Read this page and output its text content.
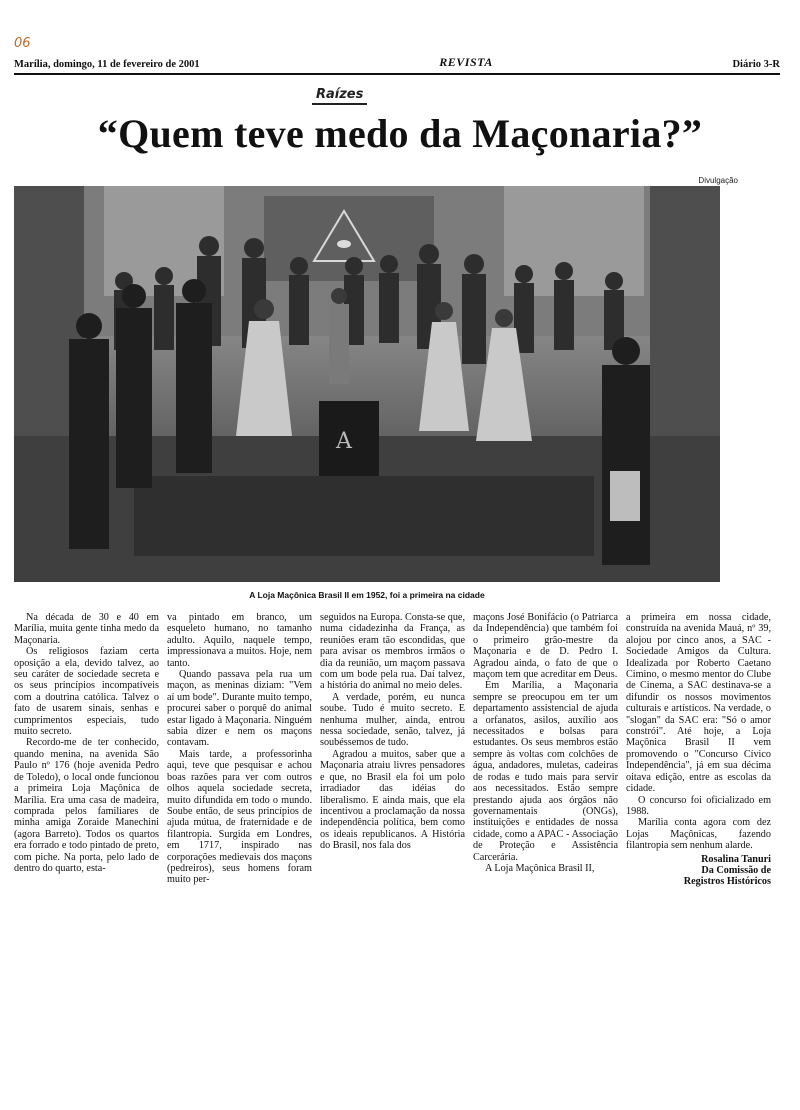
06
Marília, domingo, 11 de fevereiro de 2001	REVISTA	Diário 3-R
Raízes
“Quem teve medo da Maçonaria?”
Divulgação
A
A Loja Maçônica Brasil II em 1952, foi a primeira na cidade

Na década de 30 e 40 em Marília, muita gente tinha medo da Maçonaria.

Os religiosos faziam certa oposição a ela, devido talvez, ao seu caráter de sociedade secreta e os seus princípios incompatíveis com a doutrina católica. Talvez o fato de usarem sinais, senhas e cumprimentos especiais, tudo muito secreto.

Recordo-me de ter conhecido, quando menina, na avenida São Paulo nº 176 (hoje avenida Pedro de Toledo), o local onde funcionou a primeira Loja Maçônica de Marília. Era uma casa de madeira, comprada pelos familiares de minha amiga Zoraide Manechini (agora Barreto). Todos os quartos era forrado e todo pintado de preto, com piche. Na porta, pelo lado de dentro do quarto, esta-

va pintado em branco, um esqueleto humano, no tamanho adulto. Aquilo, naquele tempo, impressionava a muitos. Hoje, nem tanto.

Quando passava pela rua um maçon, as meninas diziam: "Vem aí um bode". Durante muito tempo, procurei saber o porquê do animal estar ligado à Maçonaria. Ninguém sabia dizer e nem os maçons contavam.

Mais tarde, a professorinha aqui, teve que pesquisar e achou boas razões para ver com outros olhos aquela sociedade secreta, muito difundida em todo o mundo. Soube então, de seus princípios de ajuda mútua, de fraternidade e de filantropia. Surgida em Londres, em 1717, inspirado nas corporações medievais dos maçons (pedreiros), seus homens foram muito per-

seguidos na Europa. Consta-se que, numa cidadezinha da França, as reuniões eram tão escondidas, que para avisar os membros irmãos o dia da reunião, um maçom passava com um bode pela rua. Daí talvez, a história do animal no meio deles.

A verdade, porém, eu nunca soube. Tudo é muito secreto. E nenhuma mulher, ainda, entrou nessa sociedade, senão, talvez, já soubéssemos de tudo.

Agradou a muitos, saber que a Maçonaria atraiu livres pensadores e que, no Brasil ela foi um polo irradiador das idéias do liberalismo. E ainda mais, que ela incentivou a proclamação da nossa independência política, bem como os ideais republicanos. A História do Brasil, nos fala dos

maçons José Bonifácio (o Patriarca da Independência) que também foi o primeiro grão-mestre da Maçonaria e de D. Pedro I. Agradou ainda, o fato de que o maçom tem que acreditar em Deus.

Em Marília, a Maçonaria sempre se preocupou em ter um departamento assistencial de ajuda a orfanatos, asilos, auxílio aos necessitados e bolsas para estudantes. Os seus membros estão sempre às voltas com colchões de água, andadores, muletas, cadeiras de rodas e tudo mais para servir aos necessitados. Estão sempre prestando ajuda aos órgãos não governamentais (ONGs), instituições e entidades de nossa cidade, como a APAC - Associação de Proteção e Assistência Carcerária.

A Loja Maçônica Brasil II,

a primeira em nossa cidade, construída na avenida Mauá, nº 39, alojou por cinco anos, a SAC - Sociedade Amigos da Cultura. Idealizada por Roberto Caetano Cimino, o mesmo mentor do Clube de Cinema, a SAC destinava-se a difundir os nossos movimentos culturais e artísticos. Na verdade, o "slogan" da SAC era: "Só o amor constrói". Até hoje, a Loja Maçônica Brasil II vem promovendo o "Concurso Cívico Independência", já em sua décima oitava edição, entre as escolas da cidade.

O concurso foi oficializado em 1988.

Marília conta agora com dez Lojas Maçônicas, fazendo filantropia sem nenhum alarde.

Rosalina Tanuri
Da Comissão de
Registros Históricos
